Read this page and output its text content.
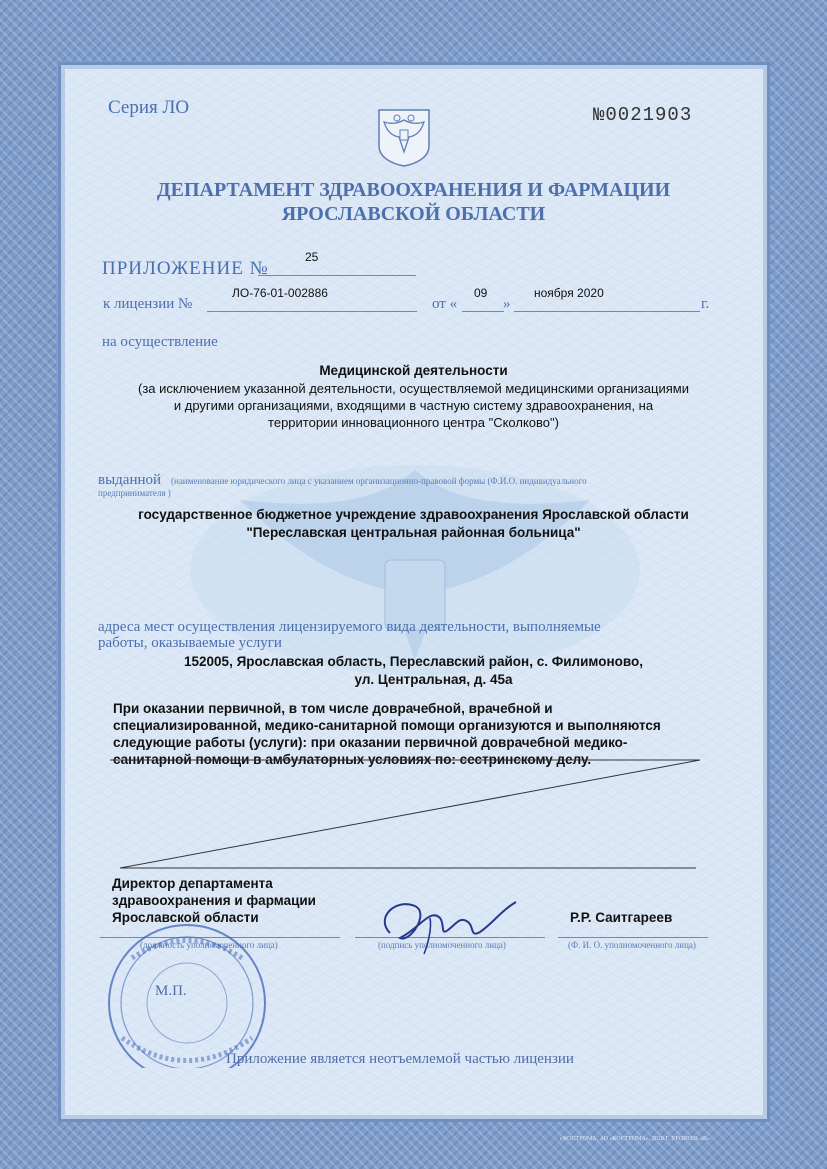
Серия ЛО	№0021903
ДЕПАРТАМЕНТ ЗДРАВООХРАНЕНИЯ И ФАРМАЦИИ
ЯРОСЛАВСКОЙ ОБЛАСТИ
ПРИЛОЖЕНИЕ №
25
к лицензии №
ЛО-76-01-002886
от «
09
»
ноября 2020
г.
на осуществление
Медицинской деятельности
(за исключением указанной деятельности, осуществляемой медицинскими организациями
и другими организациями, входящими в частную систему здравоохранения, на
территории инновационного центра "Сколково")
выданной (наименование юридического лица с указанием организационно-правовой формы (Ф.И.О. индивидуального
предпринимателя )
государственное бюджетное учреждение здравоохранения Ярославской области
"Переславская центральная районная больница"
адреса мест осуществления лицензируемого вида деятельности, выполняемые
работы, оказываемые услуги
152005, Ярославская область, Переславский район, с. Филимоново,
ул. Центральная, д. 45а
При оказании первичной, в том числе доврачебной, врачебной и
специализированной, медико-санитарной помощи организуются и выполняются
следующие работы (услуги): при оказании первичной доврачебной медико-
санитарной помощи в амбулаторных условиях по: сестринскому делу.
Директор департамента
здравоохранения и фармации
Ярославской области	Р.Р. Саитгареев
(должность уполномоченного лица)	(подпись уполномоченного лица)	(Ф. И. О. уполномоченного лица)
М.П.
Приложение является неотъемлемой частью лицензии
г.КОСТРОМА, АО «КОСТРОМА», 2020 Г. УРОВЕНЬ «В»
